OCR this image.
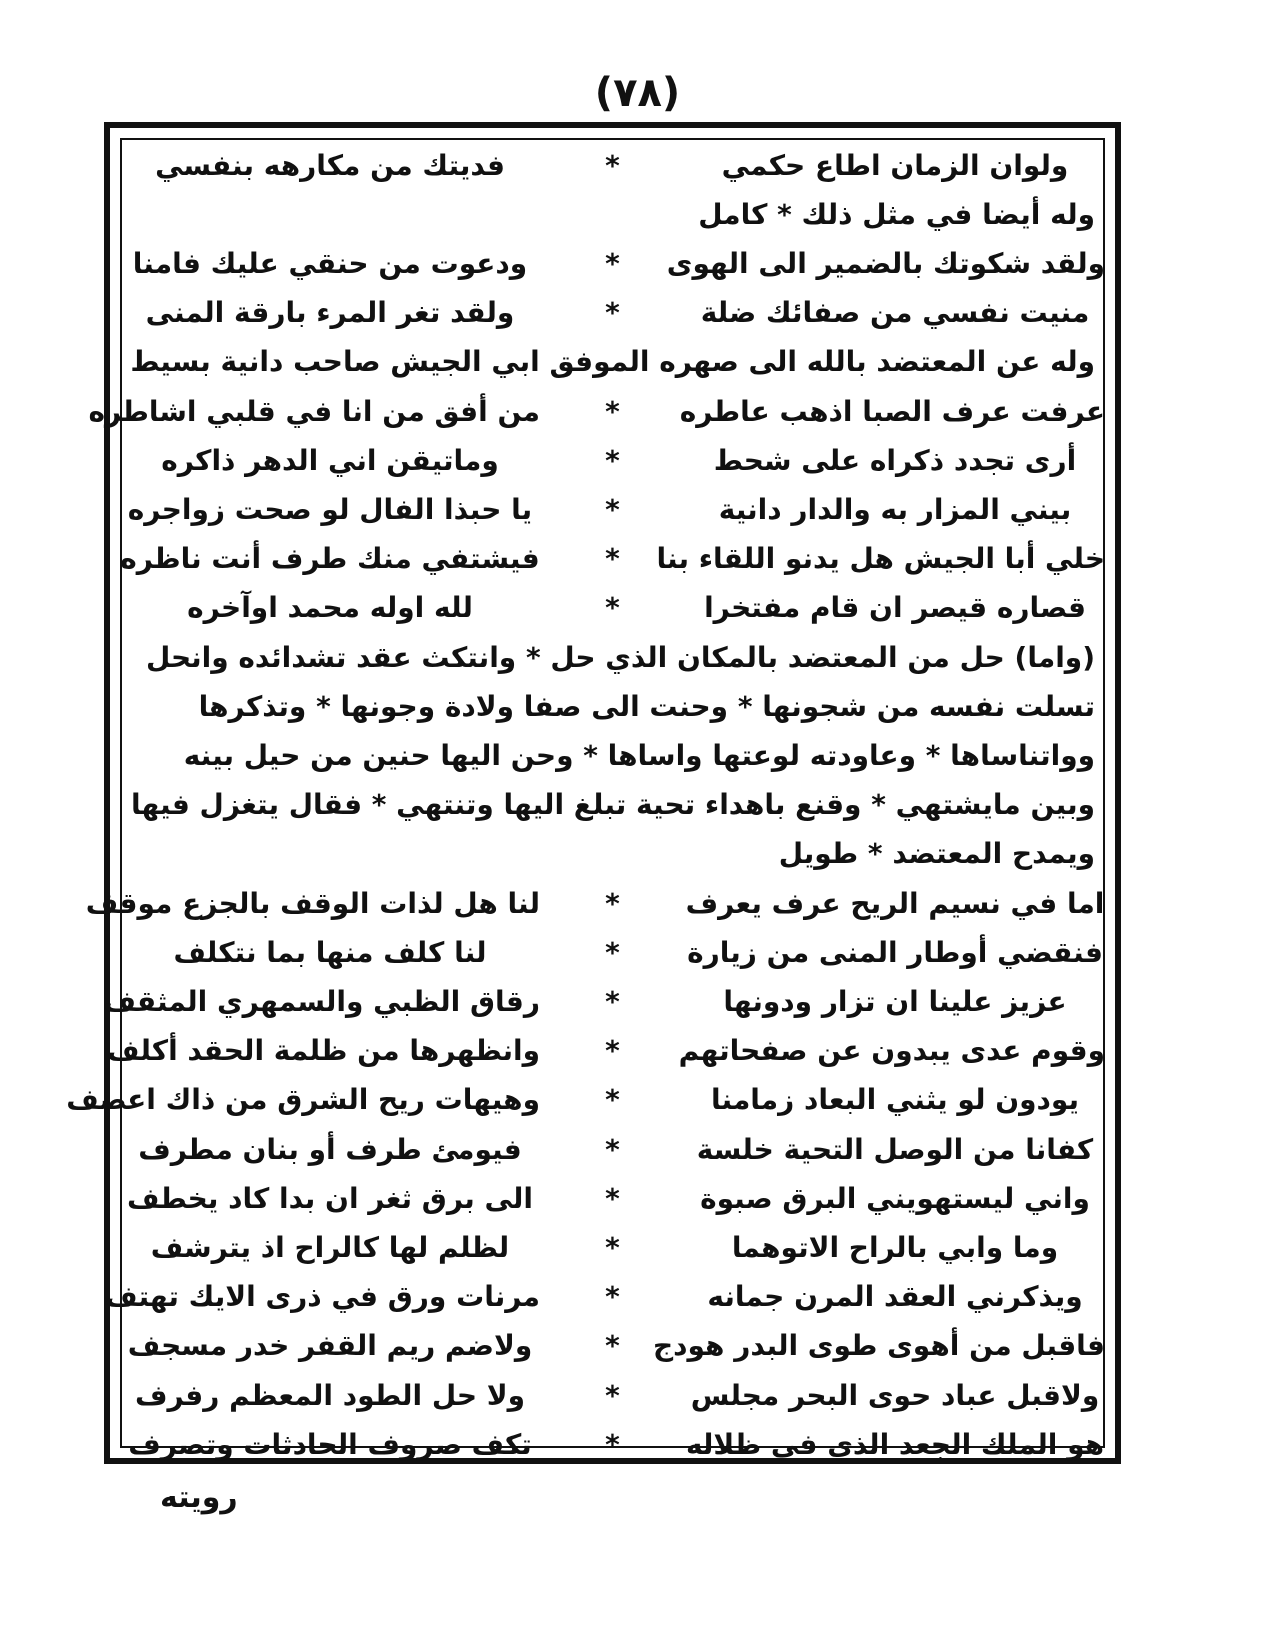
(٧٨)
ولوان الزمان اطاع حكمي
*
فديتك من مكارهه بنفسي
وله أيضا في مثل ذلك * كامل
ولقد شكوتك بالضمير الى الهوى
*
ودعوت من حنقي عليك فامنا
منيت نفسي من صفائك ضلة
*
ولقد تغر المرء بارقة المنى
وله عن المعتضد بالله الى صهره الموفق ابي الجيش صاحب دانية بسيط
عرفت عرف الصبا اذهب عاطره
*
من أفق من انا في قلبي اشاطره
أرى تجدد ذكراه على شحط
*
وماتيقن اني الدهر ذاكره
بيني المزار به والدار دانية
*
يا حبذا الفال لو صحت زواجره
خلي أبا الجيش هل يدنو اللقاء بنا
*
فيشتفي منك طرف أنت ناظره
قصاره قيصر ان قام مفتخرا
*
لله اوله محمد اوآخره
(واما) حل من المعتضد بالمكان الذي حل * وانتكث عقد تشدائده وانحل
تسلت نفسه من شجونها * وحنت الى صفا ولادة وجونها * وتذكرها
وواتناساها * وعاودته لوعتها واساها * وحن اليها حنين من حيل بينه
وبين مايشتهي * وقنع باهداء تحية تبلغ اليها وتنتهي * فقال يتغزل فيها
ويمدح المعتضد * طويل
اما في نسيم الريح عرف يعرف
*
لنا هل لذات الوقف بالجزع موقف
فنقضي أوطار المنى من زيارة
*
لنا كلف منها بما نتكلف
عزيز علينا ان تزار ودونها
*
رقاق الظبي والسمهري المثقف
وقوم عدى يبدون عن صفحاتهم
*
وانظهرها من ظلمة الحقد أكلف
يودون لو يثني البعاد زمامنا
*
وهيهات ريح الشرق من ذاك اعصف
كفانا من الوصل التحية خلسة
*
فيومئ طرف أو بنان مطرف
واني ليستهويني البرق صبوة
*
الى برق ثغر ان بدا كاد يخطف
وما وابي بالراح الاتوهما
*
لظلم لها كالراح اذ يترشف
ويذكرني العقد المرن جمانه
*
مرنات ورق في ذرى الايك تهتف
فاقبل من أهوى طوى البدر هودج
*
ولاضم ريم القفر خدر مسجف
ولاقبل عباد حوى البحر مجلس
*
ولا حل الطود المعظم رفرف
هو الملك الجعد الذي في ظلاله
*
تكف صروف الحادثات وتصرف
رويته
